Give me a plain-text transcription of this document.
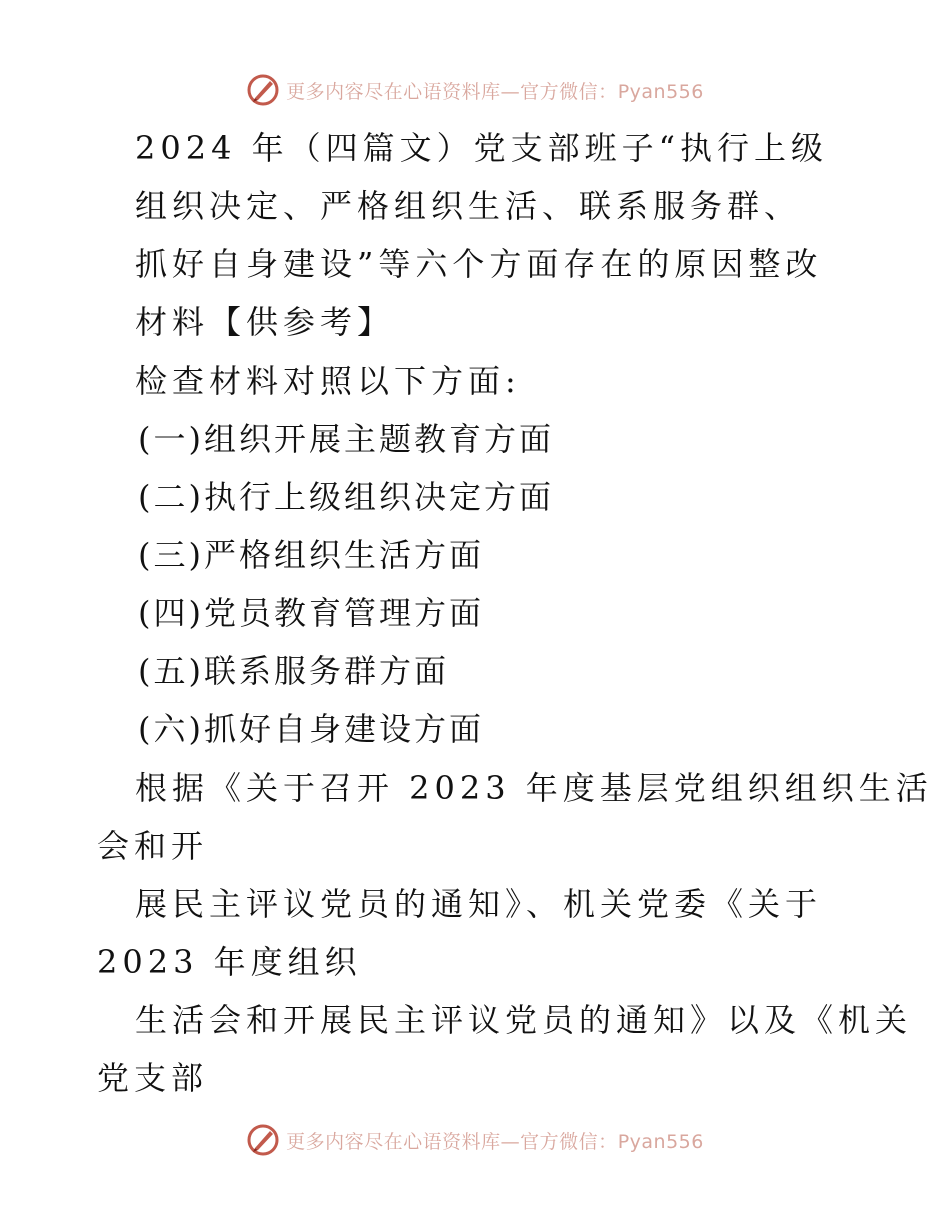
更多内容尽在心语资料库—官方微信：Pyan556
2024 年（四篇文）党支部班子“执行上级
组织决定、严格组织生活、联系服务群、
抓好自身建设”等六个方面存在的原因整改
材料【供参考】
检查材料对照以下方面:
(一)组织开展主题教育方面
(二)执行上级组织决定方面
(三)严格组织生活方面
(四)党员教育管理方面
(五)联系服务群方面
(六)抓好自身建设方面
根据《关于召开 2023 年度基层党组织组织生活
会和开
展民主评议党员的通知》、机关党委《关于
2023 年度组织
生活会和开展民主评议党员的通知》以及《机关
党支部
更多内容尽在心语资料库—官方微信：Pyan556
